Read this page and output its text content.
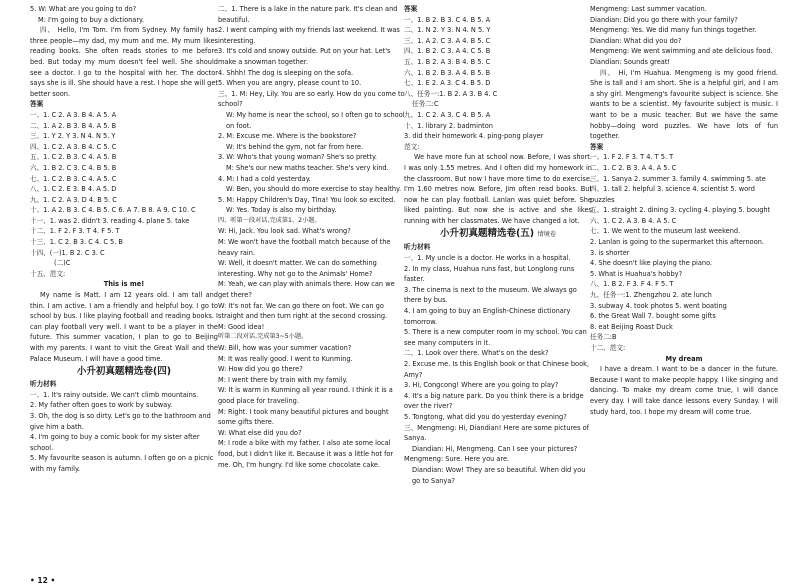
5. W: What are you going to do?

M: I'm going to buy a dictionary.

四、 Hello, I'm Tom. I'm from Sydney. My family has three people—my dad, my mum and me. My mum likes reading books. She often reads stories to me before bed. But today my mum doesn't feel well. She should see a doctor. I go to the hospital with her. The doctor says she is ill. She should have a rest. I hope she will get better soon.

答案

一、1. C 2. A 3. B 4. A 5. A

二、1. A 2. B 3. B 4. A 5. B

三、1. Y 2. Y 3. N 4. N 5. Y

四、1. C 2. A 3. B 4. C 5. C

五、1. C 2. B 3. C 4. A 5. B

六、1. B 2. C 3. C 4. B 5. B

七、1. C 2. B 3. C 4. A 5. C

八、1. C 2. E 3. B 4. A 5. D

九、1. C 2. A 3. D 4. B 5. C

十、1. A 2. B 3. C 4. B 5. C 6. A 7. B 8. A 9. C 10. C

十一、1. was 2. didn't 3. reading 4. plane 5. take

十二、1. F 2. F 3. T 4. F 5. T

十三、1. C 2. B 3. C 4. C 5. B

十四、(一)1. B 2. C 3. C

(二)C

十五、范文:

This is me!

My name is Matt. I am 12 years old. I am tall and thin. I am active. I am a friendly and helpful boy. I go to school by bus. I like playing football and reading books. I can play football very well. I want to be a player in the future. This summer vacation, I plan to go to Beijing with my parents. I want to visit the Great Wall and the Palace Museum. I will have a good time.

小升初真题精选卷(四)

听力材料

一、1. It's rainy outside. We can't climb mountains.

2. My father often goes to work by subway.

3. Oh, the dog is so dirty. Let's go to the bathroom and give him a bath.

4. I'm going to buy a comic book for my sister after school.

5. My favourite season is autumn. I often go on a picnic with my family.

二、1. There is a lake in the nature park. It's clean and beautiful.

2. I went camping with my friends last weekend. It was interesting.

3. It's cold and snowy outside. Put on your hat. Let's make a snowman together.

4. Shhh! The dog is sleeping on the sofa.

5. When you are angry, please count to 10.

三、1. M: Hey, Lily. You are so early. How do you come to school?

W: My home is near the school, so I often go to school on foot.

2. M: Excuse me. Where is the bookstore?

W: It's behind the gym, not far from here.

3. W: Who's that young woman? She's so pretty.

M: She's our new maths teacher. She's very kind.

4. M: I had a cold yesterday.

W: Ben, you should do more exercise to stay healthy.

5. M: Happy Children's Day, Tina! You look so excited.

W: Yes. Today is also my birthday.

四、听第一段对话,完成第1、2小题。

W: Hi, Jack. You look sad. What's wrong?

M: We won't have the football match because of the heavy rain.

W: Well, it doesn't matter. We can do something interesting. Why not go to the Animals' Home?

M: Yeah, we can play with animals there. How can we get there?

W: It's not far. We can go there on foot. We can go straight and then turn right at the second crossing.

M: Good idea!

听第二段对话,完成第3~5小题。

W: Bill, how was your summer vacation?

M: It was really good. I went to Kunming.

W: How did you go there?

M: I went there by train with my family.

W: It is warm in Kunming all year round. I think it is a good place for traveling.

M: Right. I took many beautiful pictures and bought some gifts there.

W: What else did you do?

M: I rode a bike with my father. I also ate some local food, but I didn't like it. Because it was a little hot for me. Oh, I'm hungry. I'd like some chocolate cake.

答案

一、1. B 2. B 3. C 4. B 5. A

二、1. N 2. Y 3. N 4. N 5. Y

三、1. A 2. C 3. A 4. B 5. C

四、1. B 2. C 3. A 4. C 5. B

五、1. B 2. A 3. B 4. B 5. C

六、1. B 2. B 3. A 4. B 5. B

七、1. E 2. A 3. C 4. B 5. D

八、任务一:1. B 2. A 3. B 4. C

任务二:C

九、1. C 2. A 3. C 4. B 5. A

十、1. library 2. badminton

3. did their homework 4. ping-pong player

范文:

We have more fun at school now. Before, I was short. I was only 1.55 metres. And I often did my homework in the classroom. But now I have more time to do exercise. I'm 1.60 metres now. Before, Jim often read books. But now he can play football. Lanlan was quiet before. She liked painting. But now she is active and she likes running with her classmates. We have changed a lot.

小升初真题精选卷(五) 情境卷

听力材料

一、1. My uncle is a doctor. He works in a hospital.

2. In my class, Huahua runs fast, but Longlong runs faster.

3. The cinema is next to the museum. We always go there by bus.

4. I am going to buy an English-Chinese dictionary tomorrow.

5. There is a new computer room in my school. You can see many computers in it.

二、1. Look over there. What's on the desk?

2. Excuse me. Is this English book or that Chinese book, Amy?

3. Hi, Congcong! Where are you going to play?

4. It's a big nature park. Do you think there is a bridge over the river?

5. Tongtong, what did you do yesterday evening?

三、Mengmeng: Hi, Diandian! Here are some pictures of Sanya.

Diandian: Hi, Mengmeng. Can I see your pictures?

Mengmeng: Sure. Here you are.

Diandian: Wow! They are so beautiful. When did you go to Sanya?

Mengmeng: Last summer vacation.

Diandian: Did you go there with your family?

Mengmeng: Yes. We did many fun things together.

Diandian: What did you do?

Mengmeng: We went swimming and ate delicious food.

Diandian: Sounds great!

四、 Hi, I'm Huahua. Mengmeng is my good friend. She is tall and I am short. She is a helpful girl, and I am a shy girl. Mengmeng's favourite subject is science. She wants to be a scientist. My favourite subject is music. I want to be a music teacher. But we have the same hobby—doing word puzzles. We have lots of fun together.

答案

一、1. F 2. F 3. T 4. T 5. T

二、1. C 2. B 3. A 4. A 5. C

三、1. Sanya 2. summer 3. family 4. swimming 5. ate

四、1. tall 2. helpful 3. science 4. scientist 5. word puzzles

五、1. straight 2. dining 3. cycling 4. playing 5. bought

六、1. C 2. A 3. B 4. A 5. C

七、1. We went to the museum last weekend.

2. Lanlan is going to the supermarket this afternoon.

3. is shorter

4. She doesn't like playing the piano.

5. What is Huahua's hobby?

八、1. B 2. F 3. F 4. F 5. T

九、任务一:1. Zhengzhou 2. ate lunch

3. subway 4. took photos 5. went boating

6. the Great Wall 7. bought some gifts

8. eat Beijing Roast Duck

任务二:B

十二、范文:

My dream

I have a dream. I want to be a dancer in the future. Because I want to make people happy. I like singing and dancing. To make my dream come true, I will dance every day. I will take dance lessons every Sunday. I will study hard, too. I hope my dream will come true.

• 12 •
